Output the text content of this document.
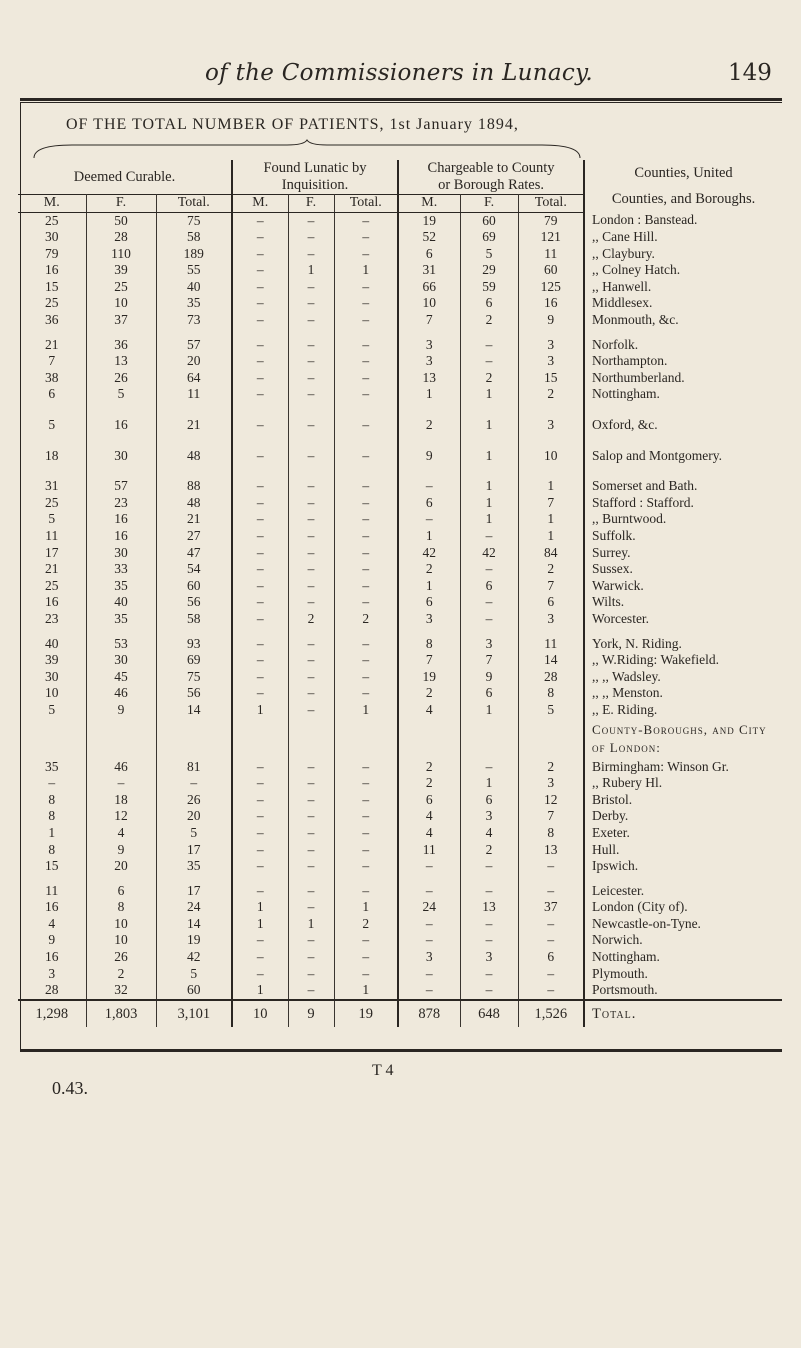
of the Commissioners in Lunacy.	149
OF THE TOTAL NUMBER OF PATIENTS, 1st January 1894,
Deemed Curable.			Found Lunatic by Inquisition.			Chargeable to County or Borough Rates.			Counties, United Counties, and Boroughs.
M.	F.	Total.	M.	F.	Total.	M.	F.	Total.	
25	50	75	–	–	–	19	60	79	London : Banstead.
30	28	58	–	–	–	52	69	121	,, Cane Hill.
79	110	189	–	–	–	6	5	11	,, Claybury.
16	39	55	–	1	1	31	29	60	,, Colney Hatch.
15	25	40	–	–	–	66	59	125	,, Hanwell.
25	10	35	–	–	–	10	6	16	Middlesex.
36	37	73	–	–	–	7	2	9	Monmouth, &c.

21	36	57	–	–	–	3	–	3	Norfolk.
7	13	20	–	–	–	3	–	3	Northampton.
38	26	64	–	–	–	13	2	15	Northumberland.
6	5	11	–	–	–	1	1	2	Nottingham.

5	16	21	–	–	–	2	1	3	Oxford, &c.

18	30	48	–	–	–	9	1	10	Salop and Montgomery.

31	57	88	–	–	–	–	1	1	Somerset and Bath.
25	23	48	–	–	–	6	1	7	Stafford : Stafford.
5	16	21	–	–	–	–	1	1	,, Burntwood.
11	16	27	–	–	–	1	–	1	Suffolk.
17	30	47	–	–	–	42	42	84	Surrey.
21	33	54	–	–	–	2	–	2	Sussex.
25	35	60	–	–	–	1	6	7	Warwick.
16	40	56	–	–	–	6	–	6	Wilts.
23	35	58	–	2	2	3	–	3	Worcester.

40	53	93	–	–	–	8	3	11	York, N. Riding.
39	30	69	–	–	–	7	7	14	,, W.Riding: Wakefield.
30	45	75	–	–	–	19	9	28	,, ,, Wadsley.
10	46	56	–	–	–	2	6	8	,, ,, Menston.
5	9	14	1	–	1	4	1	5	,, E. Riding.
									County-Boroughs, and City of London:
35	46	81	–	–	–	2	–	2	Birmingham: Winson Gr.
–	–	–	–	–	–	2	1	3	,, Rubery Hl.
8	18	26	–	–	–	6	6	12	Bristol.
8	12	20	–	–	–	4	3	7	Derby.
1	4	5	–	–	–	4	4	8	Exeter.
8	9	17	–	–	–	11	2	13	Hull.
15	20	35	–	–	–	–	–	–	Ipswich.

11	6	17	–	–	–	–	–	–	Leicester.
16	8	24	1	–	1	24	13	37	London (City of).
4	10	14	1	1	2	–	–	–	Newcastle-on-Tyne.
9	10	19	–	–	–	–	–	–	Norwich.
16	26	42	–	–	–	3	3	6	Nottingham.
3	2	5	–	–	–	–	–	–	Plymouth.
28	32	60	1	–	1	–	–	–	Portsmouth.
1,298	1,803	3,101	10	9	19	878	648	1,526	Total.
0.43.
T 4
